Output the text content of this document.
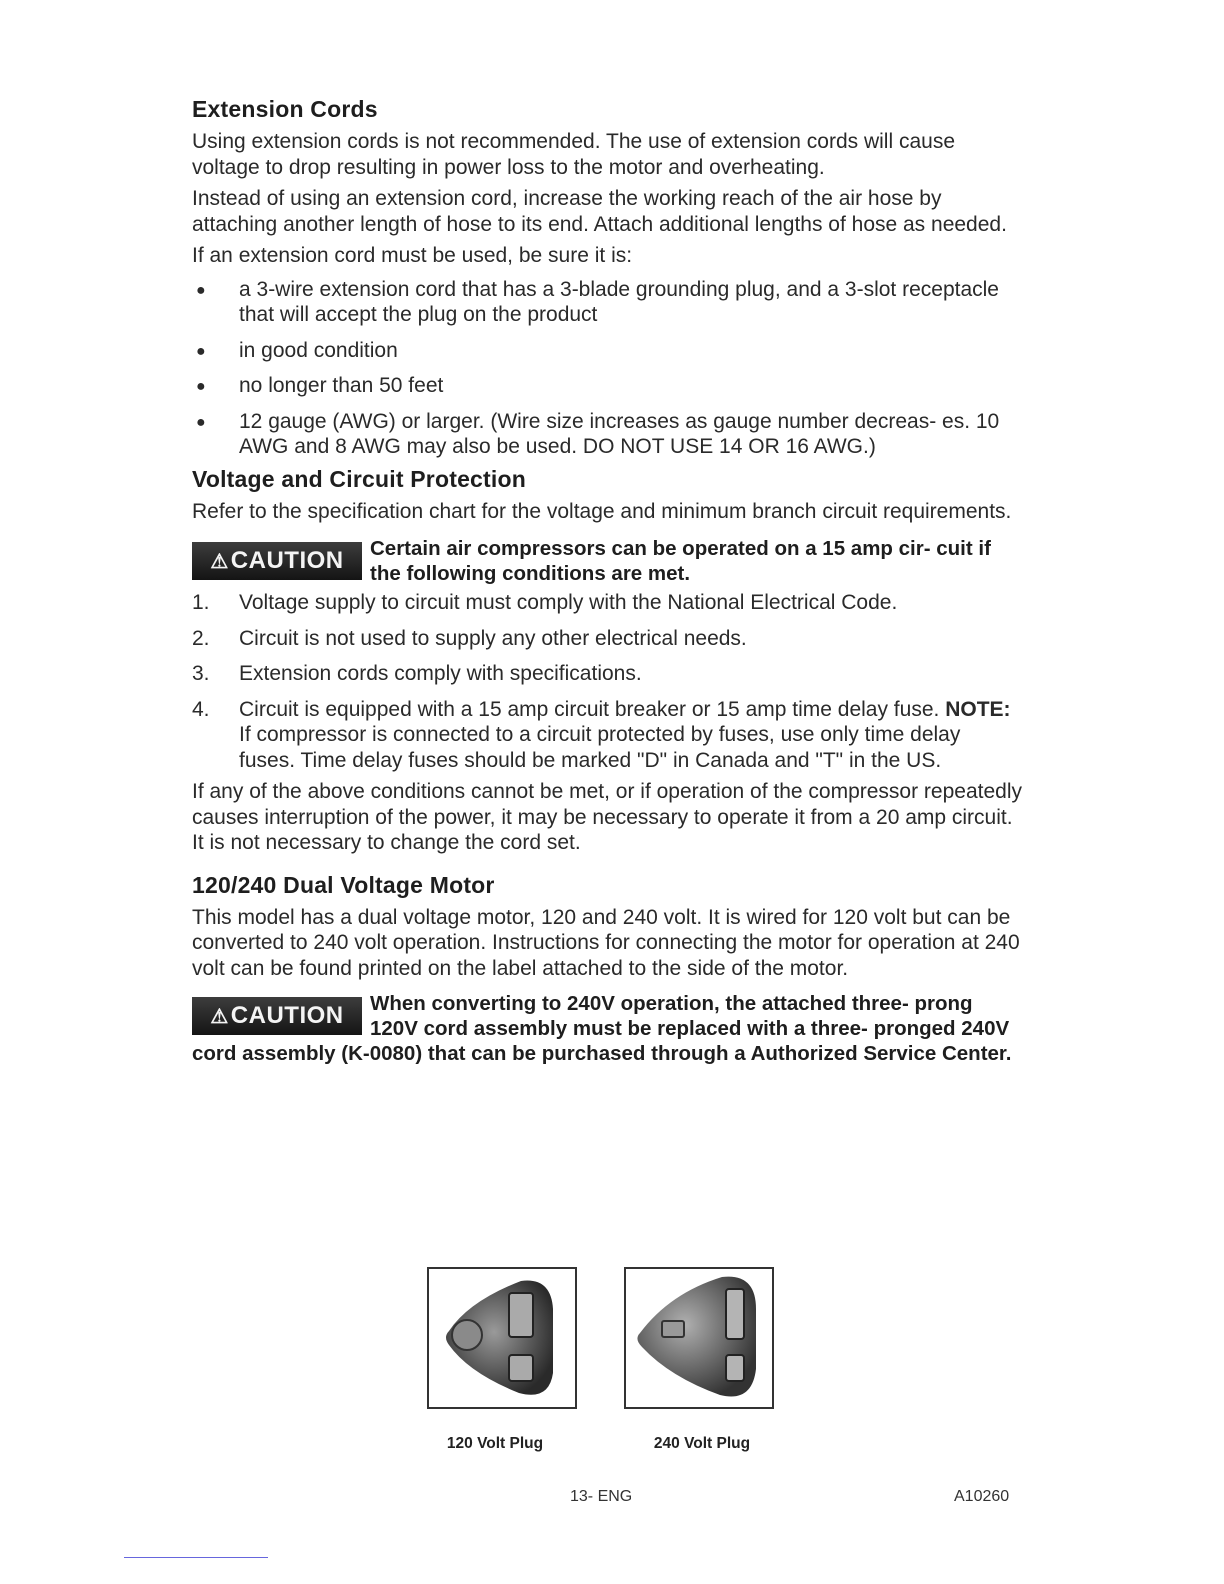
Extension Cords

Using extension cords is not recommended. The use of extension cords will cause voltage to drop resulting in power loss to the motor and overheating.

Instead of using an extension cord, increase the working reach of the air hose by attaching another length of hose to its end. Attach additional lengths of hose as needed.

If an extension cord must be used, be sure it is:

● a 3-wire extension cord that has a 3-blade grounding plug, and a 3-slot receptacle that will accept the plug on the product
● in good condition
● no longer than 50 feet
● 12 gauge (AWG) or larger. (Wire size increases as gauge number decreas- es. 10 AWG and 8 AWG may also be used. DO NOT USE 14 OR 16 AWG.)
Voltage and Circuit Protection

Refer to the specification chart for the voltage and minimum branch circuit requirements.

⚠ CAUTION	Certain air compressors can be operated on a 15 amp cir- cuit if the following conditions are met.
1. Voltage supply to circuit must comply with the National Electrical Code.
2. Circuit is not used to supply any other electrical needs.
3. Extension cords comply with specifications.
4. Circuit is equipped with a 15 amp circuit breaker or 15 amp time delay fuse. NOTE: If compressor is connected to a circuit protected by fuses, use only time delay fuses. Time delay fuses should be marked "D" in Canada and "T" in the US.

If any of the above conditions cannot be met, or if operation of the compressor repeatedly causes interruption of the power, it may be necessary to operate it from a 20 amp circuit. It is not necessary to change the cord set.

120/240 Dual Voltage Motor

This model has a dual voltage motor, 120 and 240 volt. It is wired for 120 volt but can be converted to 240 volt operation. Instructions for connecting the motor for operation at 240 volt can be found printed on the label attached to the side of the motor.

⚠ CAUTION	When converting to 240V operation, the attached three- prong 120V cord assembly must be replaced with a three- pronged 240V cord assembly (K-0080) that can be purchased through a Authorized Service Center.
120 Volt Plug	240 Volt Plug
13- ENG	A10260
